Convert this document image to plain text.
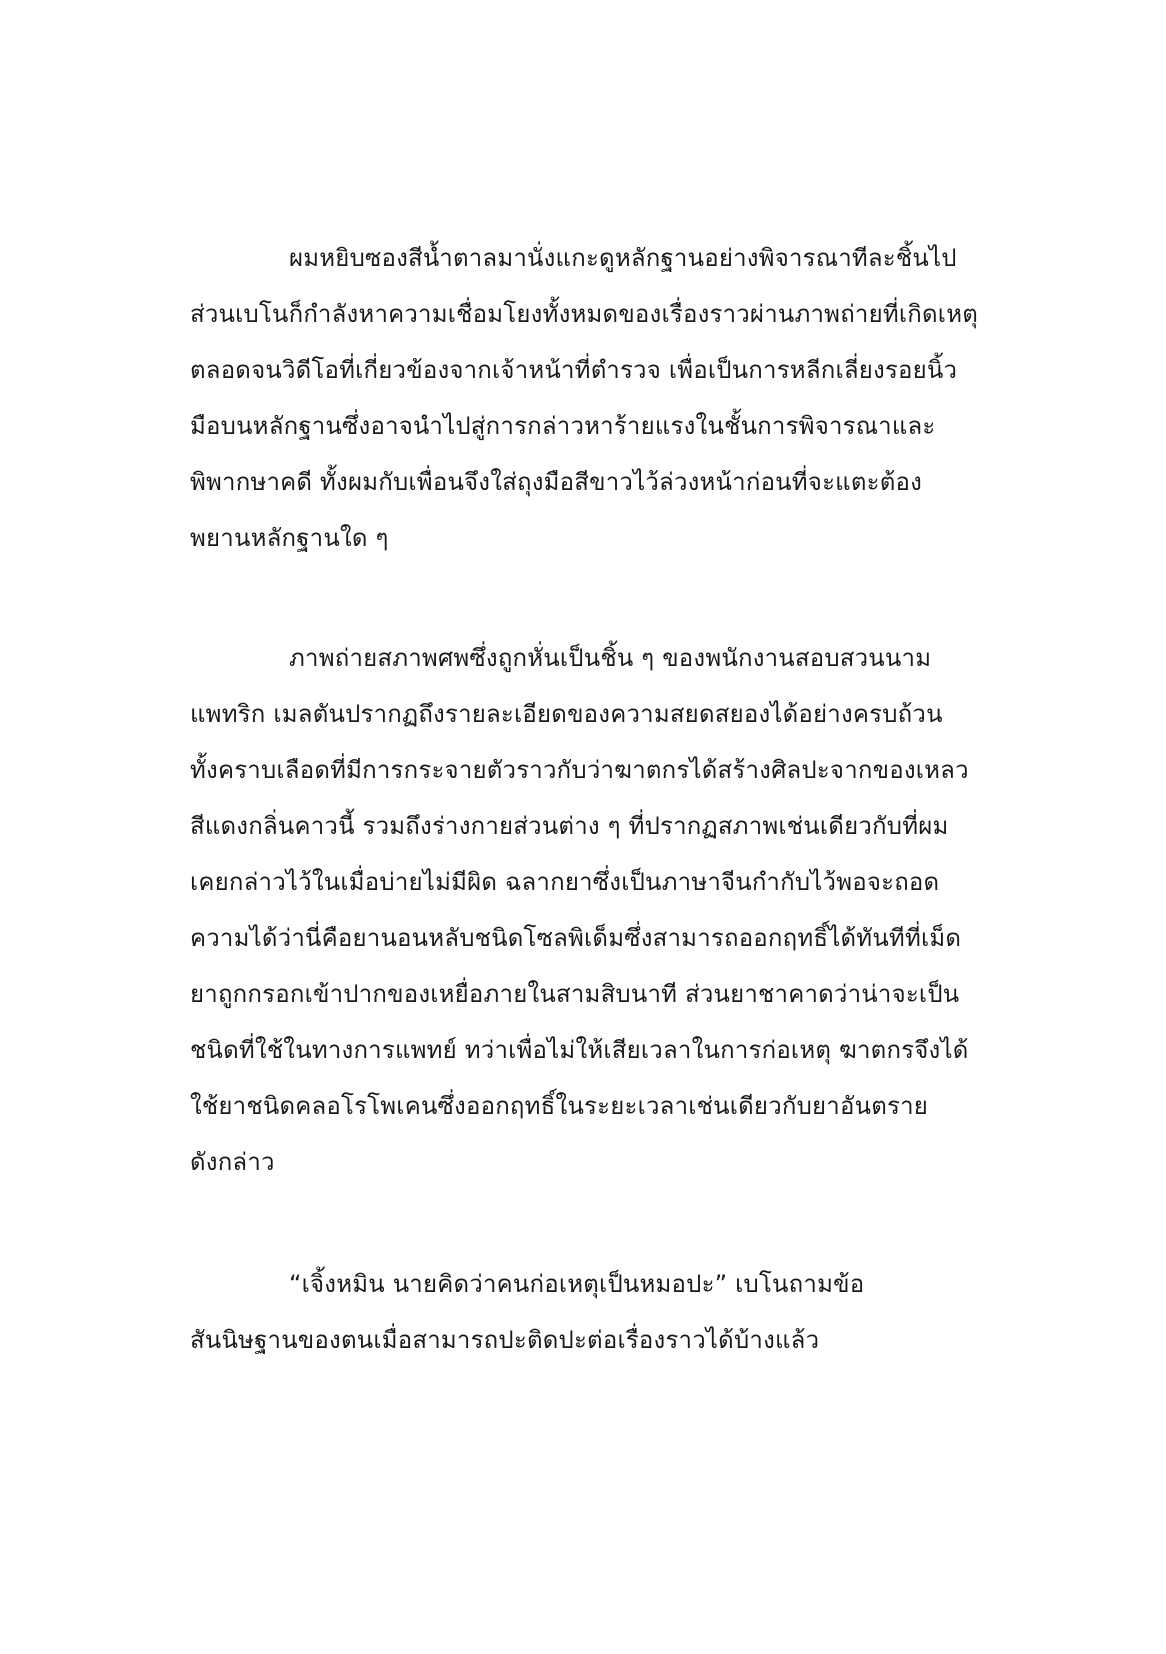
ผมหยิบซองสีน้ำตาลมานั่งแกะดูหลักฐานอย่างพิจารณาทีละชิ้นไป
ส่วนเบโนก็กำลังหาความเชื่อมโยงทั้งหมดของเรื่องราวผ่านภาพถ่ายที่เกิดเหตุ
ตลอดจนวิดีโอที่เกี่ยวข้องจากเจ้าหน้าที่ตำรวจ เพื่อเป็นการหลีกเลี่ยงรอยนิ้ว
มือบนหลักฐานซึ่งอาจนำไปสู่การกล่าวหาร้ายแรงในชั้นการพิจารณาและ
พิพากษาคดี ทั้งผมกับเพื่อนจึงใส่ถุงมือสีขาวไว้ล่วงหน้าก่อนที่จะแตะต้อง
พยานหลักฐานใด ๆ
ภาพถ่ายสภาพศพซึ่งถูกหั่นเป็นชิ้น ๆ ของพนักงานสอบสวนนาม
แพทริก เมลตันปรากฏถึงรายละเอียดของความสยดสยองได้อย่างครบถ้วน
ทั้งคราบเลือดที่มีการกระจายตัวราวกับว่าฆาตกรได้สร้างศิลปะจากของเหลว
สีแดงกลิ่นคาวนี้ รวมถึงร่างกายส่วนต่าง ๆ ที่ปรากฏสภาพเช่นเดียวกับที่ผม
เคยกล่าวไว้ในเมื่อบ่ายไม่มีผิด ฉลากยาซึ่งเป็นภาษาจีนกำกับไว้พอจะถอด
ความได้ว่านี่คือยานอนหลับชนิดโซลพิเด็มซึ่งสามารถออกฤทธิ์ได้ทันทีที่เม็ด
ยาถูกกรอกเข้าปากของเหยื่อภายในสามสิบนาที ส่วนยาชาคาดว่าน่าจะเป็น
ชนิดที่ใช้ในทางการแพทย์ ทว่าเพื่อไม่ให้เสียเวลาในการก่อเหตุ ฆาตกรจึงได้
ใช้ยาชนิดคลอโรโพเคนซึ่งออกฤทธิ์ในระยะเวลาเช่นเดียวกับยาอันตราย
ดังกล่าว
“เจิ้งหมิน นายคิดว่าคนก่อเหตุเป็นหมอปะ” เบโนถามข้อ
สันนิษฐานของตนเมื่อสามารถปะติดปะต่อเรื่องราวได้บ้างแล้ว
